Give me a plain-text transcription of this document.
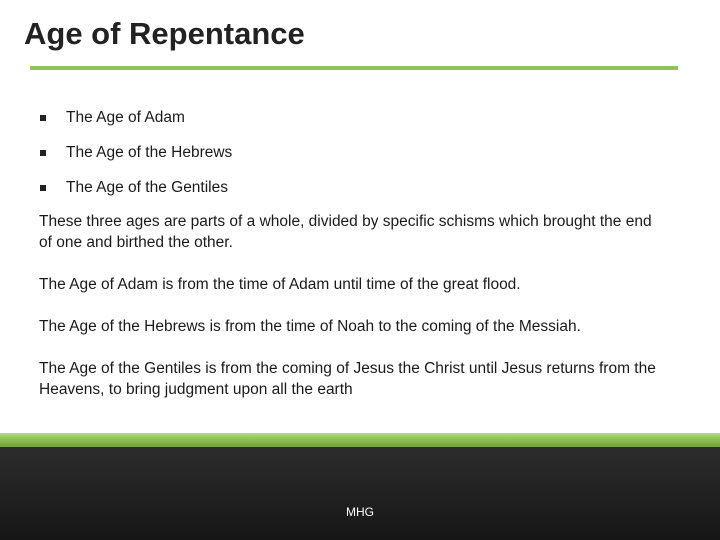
Age of Repentance
The Age of Adam
The Age of the Hebrews
The Age of the Gentiles

These three ages are parts of a whole, divided by specific schisms which brought the end of one and birthed the other.

The Age of Adam is from the time of Adam until time of the great flood.

The Age of the Hebrews is from the time of Noah to the coming of the Messiah.

The Age of the Gentiles is from the coming of Jesus the Christ until Jesus returns from the Heavens, to bring judgment upon all the earth

MHG
